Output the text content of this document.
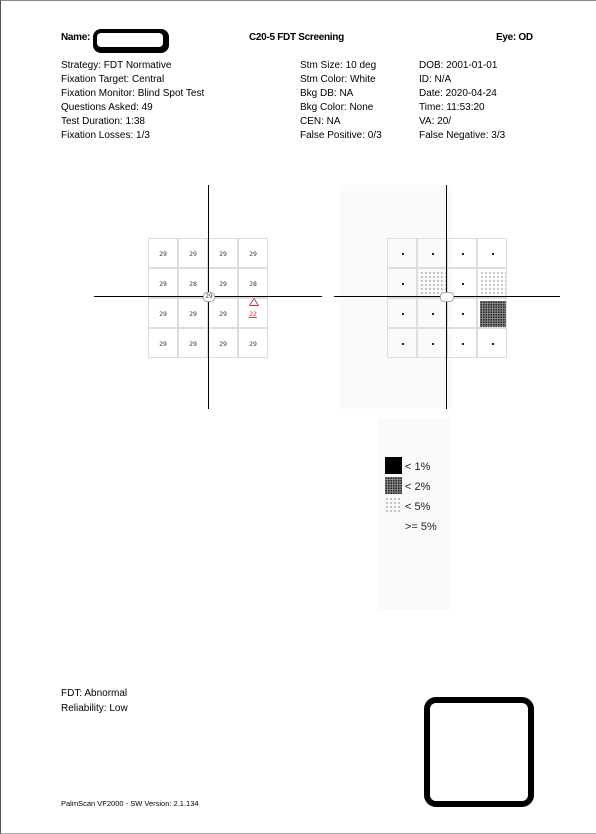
Name:	C20-5 FDT Screening	Eye: OD
Strategy: FDT Normative
Fixation Target: Central
Fixation Monitor: Blind Spot Test
Questions Asked: 49
Test Duration: 1:38
Fixation Losses: 1/3
Stm Size: 10 deg
Stm Color: White
Bkg DB: NA
Bkg Color: None
CEN: NA
False Positive: 0/3
DOB: 2001-01-01
ID: N/A
Date: 2020-04-24
Time: 11:53:20
VA: 20/
False Negative: 3/3
29	29	29	29
29	28	29	28
29	29	29	22
29	29	29	29
29
< 1%
< 2%
< 5%
>= 5%
FDT: Abnormal
Reliability: Low
PalmScan VF2000 - SW Version: 2.1.134
